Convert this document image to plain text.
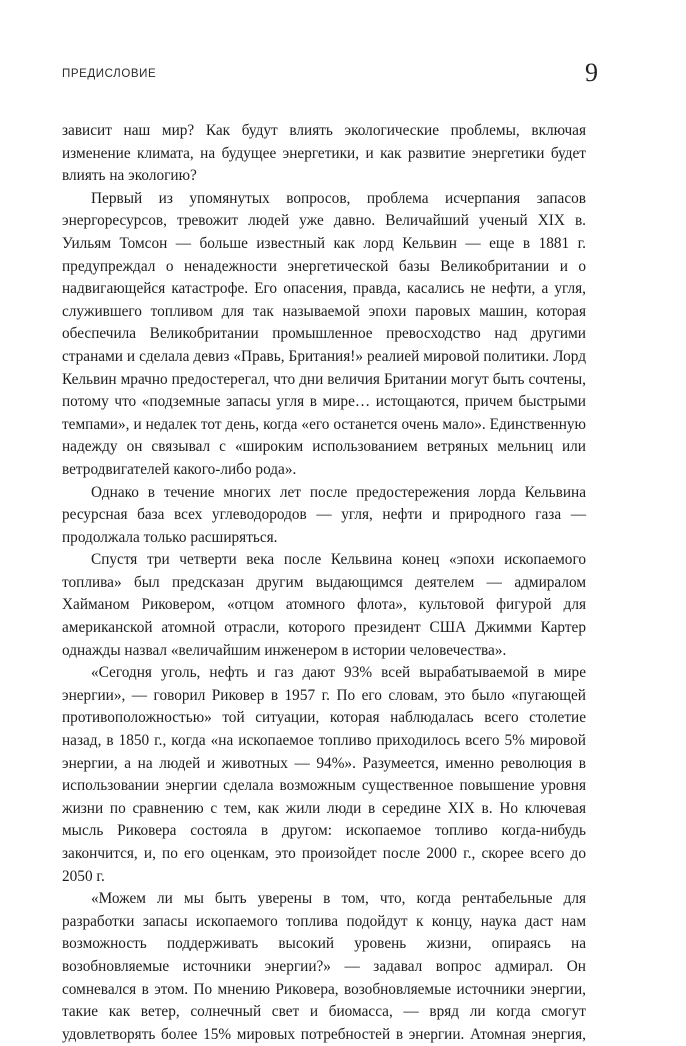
ПРЕДИСЛОВИЕ	9

зависит наш мир? Как будут влиять экологические проблемы, включая изменение климата, на будущее энергетики, и как развитие энергетики будет влиять на экологию?

Первый из упомянутых вопросов, проблема исчерпания запасов энергоресурсов, тревожит людей уже давно. Величайший ученый XIX в. Уильям Томсон — больше известный как лорд Кельвин — еще в 1881 г. предупреждал о ненадежности энергетической базы Великобритании и о надвигающейся катастрофе. Его опасения, правда, касались не нефти, а угля, служившего топливом для так называемой эпохи паровых машин, которая обеспечила Великобритании промышленное превосходство над другими странами и сделала девиз «Правь, Британия!» реалией мировой политики. Лорд Кельвин мрачно предостерегал, что дни величия Британии могут быть сочтены, потому что «подземные запасы угля в мире… истощаются, причем быстрыми темпами», и недалек тот день, когда «его останется очень мало». Единственную надежду он связывал с «широким использованием ветряных мельниц или ветродвигателей какого-либо рода».

Однако в течение многих лет после предостережения лорда Кельвина ресурсная база всех углеводородов — угля, нефти и природного газа — продолжала только расширяться.

Спустя три четверти века после Кельвина конец «эпохи ископаемого топлива» был предсказан другим выдающимся деятелем — адмиралом Хайманом Риковером, «отцом атомного флота», культовой фигурой для американской атомной отрасли, которого президент США Джимми Картер однажды назвал «величайшим инженером в истории человечества».

«Сегодня уголь, нефть и газ дают 93% всей вырабатываемой в мире энергии», — говорил Риковер в 1957 г. По его словам, это было «пугающей противоположностью» той ситуации, которая наблюдалась всего столетие назад, в 1850 г., когда «на ископаемое топливо приходилось всего 5% мировой энергии, а на людей и животных — 94%». Разумеется, именно революция в использовании энергии сделала возможным существенное повышение уровня жизни по сравнению с тем, как жили люди в середине XIX в. Но ключевая мысль Риковера состояла в другом: ископаемое топливо когда-нибудь закончится, и, по его оценкам, это произойдет после 2000 г., скорее всего до 2050 г.

«Можем ли мы быть уверены в том, что, когда рентабельные для разработки запасы ископаемого топлива подойдут к концу, наука даст нам возможность поддерживать высокий уровень жизни, опираясь на возобновляемые источники энергии?» — задавал вопрос адмирал. Он сомневался в этом. По мнению Риковера, возобновляемые источники энергии, такие как ветер, солнечный свет и биомасса, — вряд ли когда смогут удовлетворять более 15% мировых потребностей в энергии. Атомная энергия,
